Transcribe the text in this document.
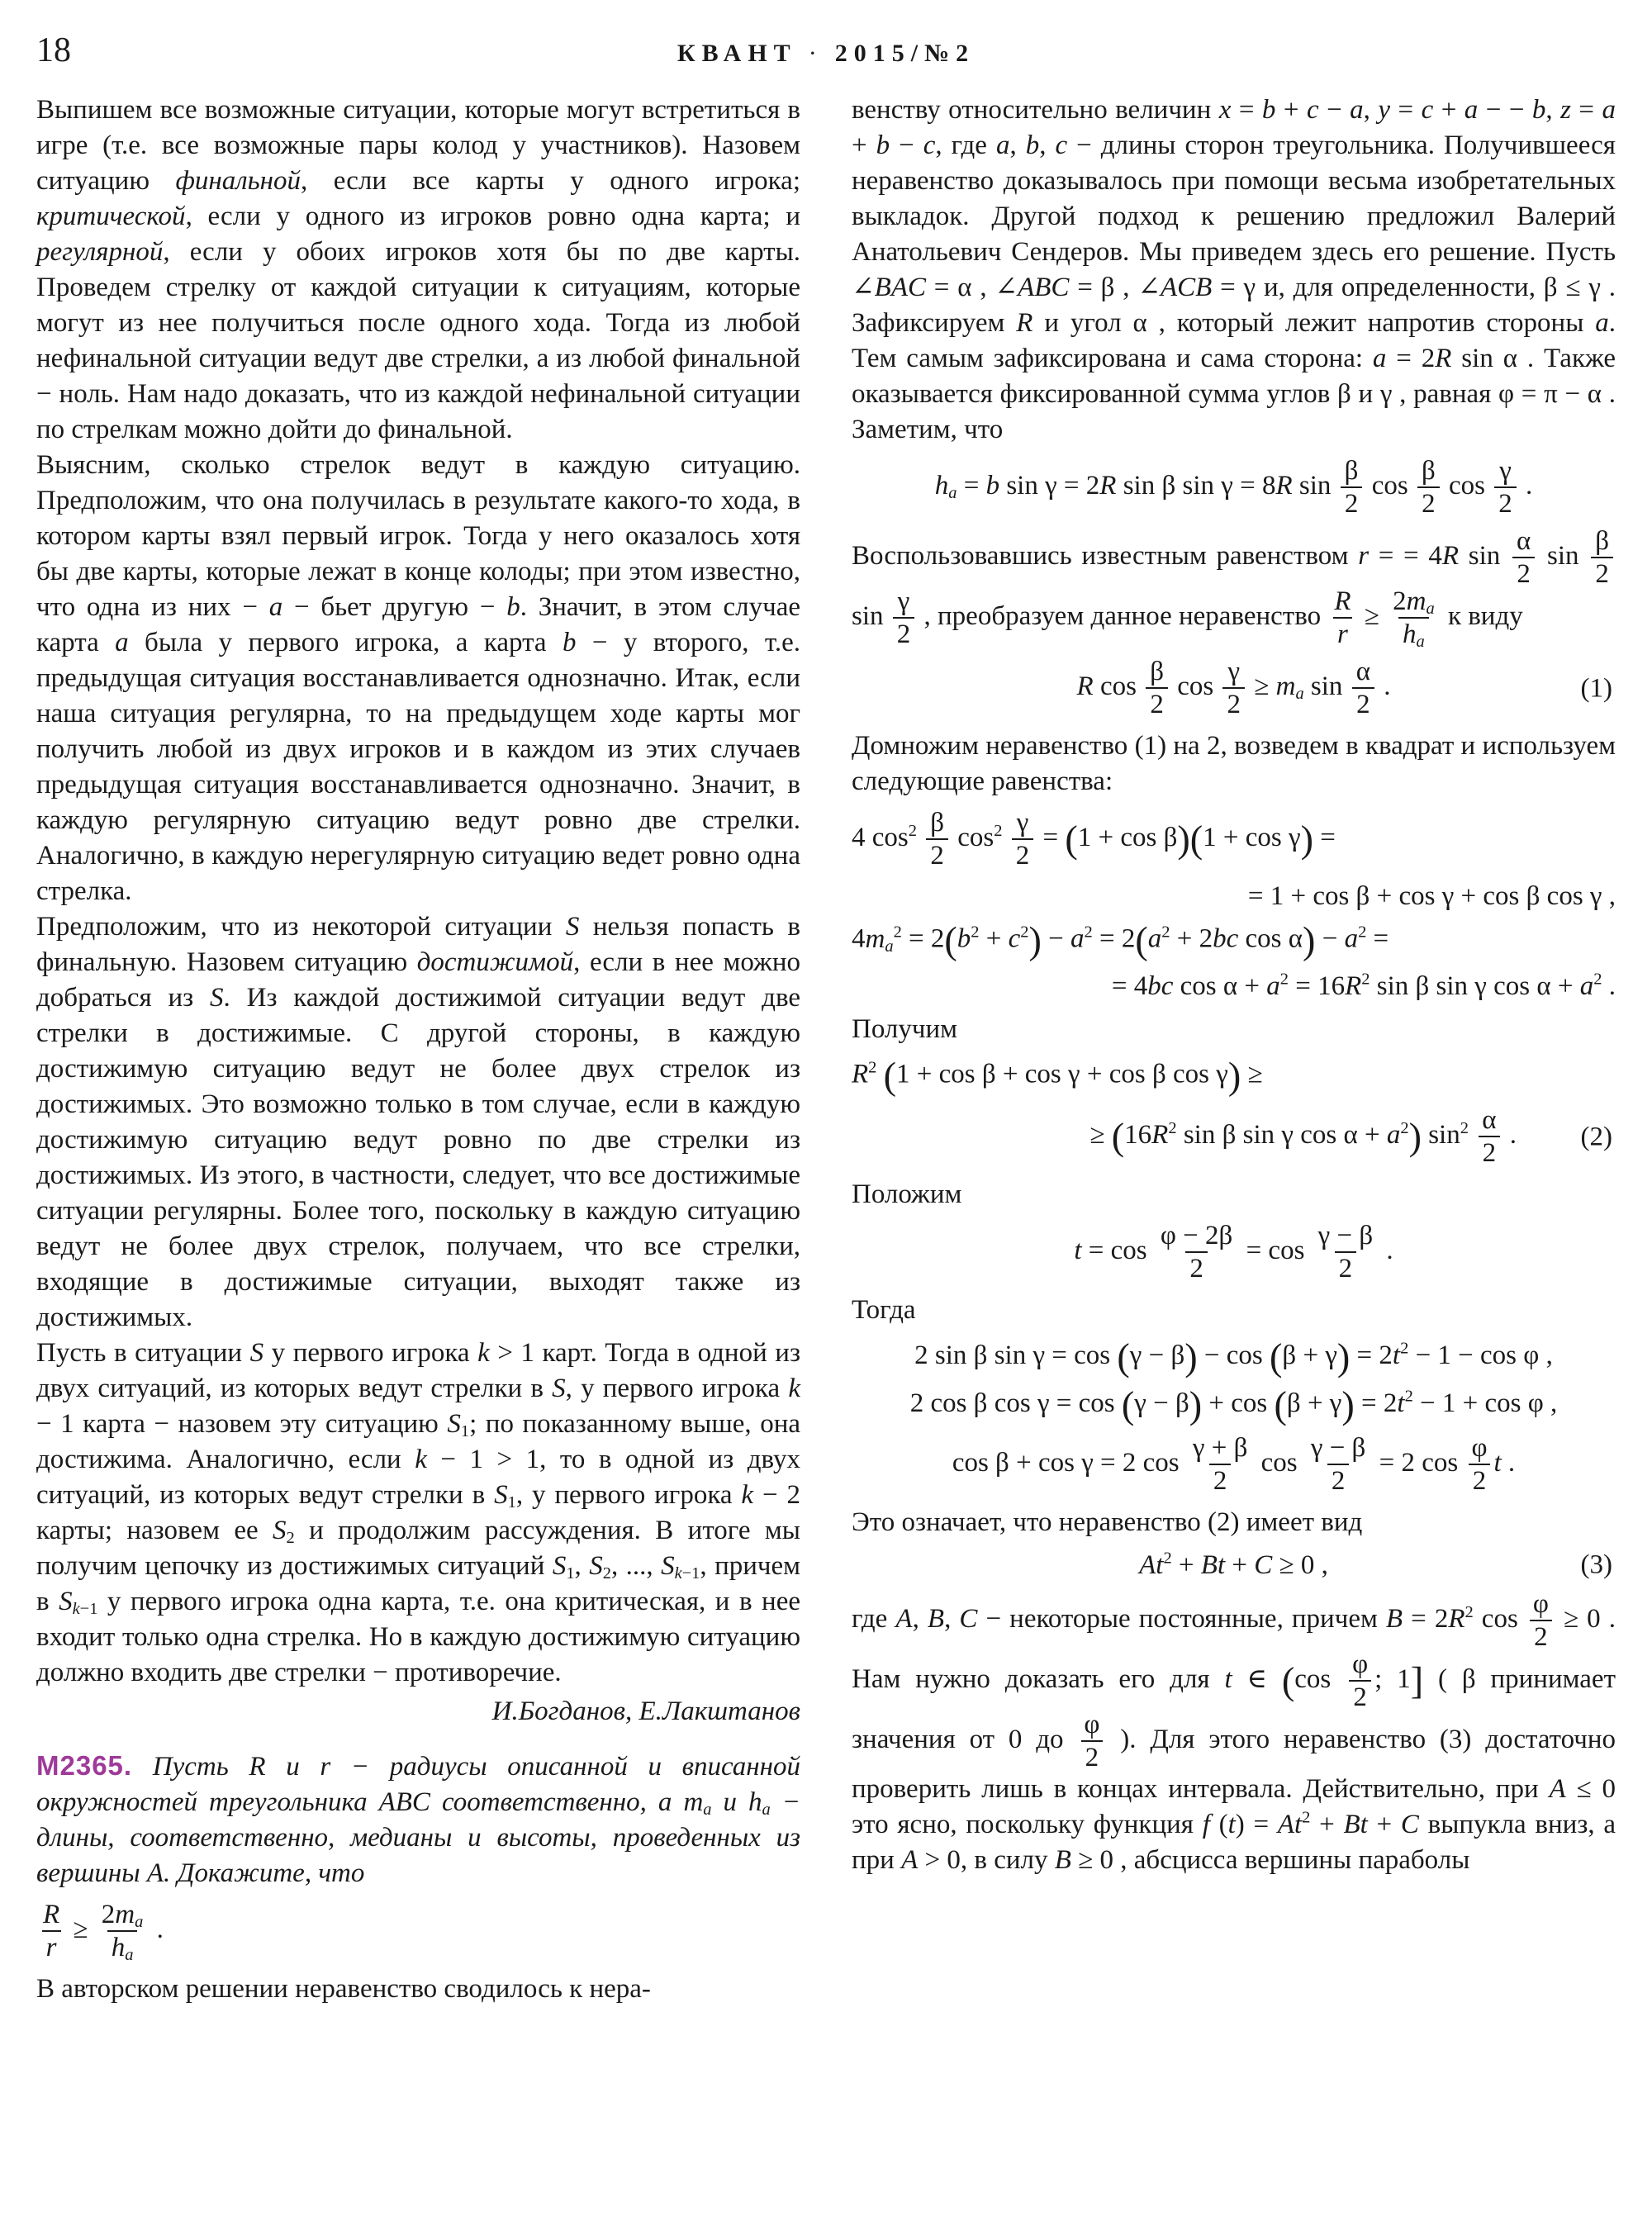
18	КВАНТ · 2015/№2

Выпишем все возможные ситуации, которые могут встретиться в игре (т.е. все возможные пары колод у участников). Назовем ситуацию финальной, если все карты у одного игрока; критической, если у одного из игроков ровно одна карта; и регулярной, если у обоих игроков хотя бы по две карты. Проведем стрелку от каждой ситуации к ситуациям, которые могут из нее получиться после одного хода. Тогда из любой нефинальной ситуации ведут две стрелки, а из любой финальной − ноль. Нам надо доказать, что из каждой нефинальной ситуации по стрелкам можно дойти до финальной.

Выясним, сколько стрелок ведут в каждую ситуацию. Предположим, что она получилась в результате какого-то хода, в котором карты взял первый игрок. Тогда у него оказалось хотя бы две карты, которые лежат в конце колоды; при этом известно, что одна из них − a − бьет другую − b. Значит, в этом случае карта a была у первого игрока, а карта b − у второго, т.е. предыдущая ситуация восстанавливается однозначно. Итак, если наша ситуация регулярна, то на предыдущем ходе карты мог получить любой из двух игроков и в каждом из этих случаев предыдущая ситуация восстанавливается однозначно. Значит, в каждую регулярную ситуацию ведут ровно две стрелки. Аналогично, в каждую нерегулярную ситуацию ведет ровно одна стрелка.

Предположим, что из некоторой ситуации S нельзя попасть в финальную. Назовем ситуацию достижимой, если в нее можно добраться из S. Из каждой достижимой ситуации ведут две стрелки в достижимые. С другой стороны, в каждую достижимую ситуацию ведут не более двух стрелок из достижимых. Это возможно только в том случае, если в каждую достижимую ситуацию ведут ровно по две стрелки из достижимых. Из этого, в частности, следует, что все достижимые ситуации регулярны. Более того, поскольку в каждую ситуацию ведут не более двух стрелок, получаем, что все стрелки, входящие в достижимые ситуации, выходят также из достижимых.

Пусть в ситуации S у первого игрока k > 1 карт. Тогда в одной из двух ситуаций, из которых ведут стрелки в S, у первого игрока k − 1 карта − назовем эту ситуацию $S_1$; по показанному выше, она достижима. Аналогично, если k − 1 > 1, то в одной из двух ситуаций, из которых ведут стрелки в $S_1$, у первого игрока k − 2 карты; назовем ее $S_2$ и продолжим рассуждения. В итоге мы получим цепочку из достижимых ситуаций $S_1$, $S_2$, ..., $S_{k-1}$, причем в $S_{k-1}$ у первого игрока одна карта, т.е. она критическая, и в нее входит только одна стрелка. Но в каждую достижимую ситуацию должно входить две стрелки − противоречие.

И.Богданов, Е.Лакштанов

М2365. Пусть R и r − радиусы описанной и вписанной окружностей треугольника ABC соответственно, а $m_a$ и $h_a$ − длины, соответственно, медианы и высоты, проведенных из вершины A. Докажите, что

$\frac{R}{r} \ge \frac{2m_a}{h_a}$ .

В авторском решении неравенство сводилось к нера-

венству относительно величин x = b + c − a, y = c + a − − b, z = a + b − c, где a, b, c − длины сторон треугольника. Получившееся неравенство доказывалось при помощи весьма изобретательных выкладок. Другой подход к решению предложил Валерий Анатольевич Сендеров. Мы приведем здесь его решение. Пусть ∠BAC = α , ∠ABC = β , ∠ACB = γ и, для определенности, β ≤ γ . Зафиксируем R и угол α , который лежит напротив стороны a. Тем самым зафиксирована и сама сторона: a = 2R sin α . Также оказывается фиксированной сумма углов β и γ , равная φ = π − α . Заметим, что

$h_a = b$ sin γ = 2R sin β sin γ = 8R $\sin \frac{\beta}{2}$ $\cos \frac{\beta}{2}$ $\cos \frac{\gamma}{2}$ .

Воспользовавшись известным равенством r = = 4R $\sin \frac{\alpha}{2}$ $\sin \frac{\beta}{2}$
$\sin \frac{\gamma}{2}$ , преобразуем данное неравенство $\frac{R}{r} \ge \frac{2m_a}{h_a}$ к виду

R $\cos \frac{\beta}{2}$ $\cos \frac{\gamma}{2} \ge m_a$ $\sin \frac{\alpha}{2}$ .	(1)

Домножим неравенство (1) на 2, возведем в квадрат и используем следующие равенства:

4 $\cos^2 \frac{\beta}{2} \cos^2 \frac{\gamma}{2} = (1 + \cos \beta)(1 + \cos \gamma)$ =
= 1 + cos β + cos γ + cos β cos γ ,
$4m_a^2 = 2(b^2 + c^2) - a^2 = 2(a^2 + 2bc$ $\cos \alpha) - a^2$ =
= 4bc $\cos \alpha + a^2 = 16R^2$ sin β sin γ $\cos \alpha + a^2$ .

Получим

$R^2$ (1 + cos β + cos γ + cos β cos γ) ≥
≥ ($16R^2$ sin β sin γ $\cos \alpha + a^2$) $\sin^2 \frac{\alpha}{2}$ . (2)

Положим

$t = \cos \frac{\varphi - 2\beta}{2} = \cos \frac{\gamma - \beta}{2}$ .

Тогда

2 sin β $\sin \gamma = \cos (\gamma - \beta) - \cos (\beta + \gamma) = 2t^2 - 1 - \cos \varphi$ ,
2 cos β $\cos \gamma = \cos (\gamma - \beta) + \cos (\beta + \gamma) = 2t^2 - 1 + \cos \varphi$ ,
cos β + cos γ = 2 $\cos \frac{\gamma + \beta}{2}$ $\cos \frac{\gamma - \beta}{2} = 2$ $\cos \frac{\varphi}{2}$ t .

Это означает, что неравенство (2) имеет вид

$At^2 + Bt + C \ge 0$ ,	(3)

где A, B, C − некоторые постоянные, причем $B = 2R^2$ $\cos \frac{\varphi}{2} \ge 0$ . Нам нужно доказать его для t ∈ ($\cos \frac{\varphi}{2}$ ; 1] ( β принимает значения от 0 до $\frac{\varphi}{2}$ ). Для этого неравенство (3) достаточно проверить лишь в концах интервала. Действительно, при A ≤ 0 это ясно, поскольку функция f $(t) = At^2 + Bt + C$ выпукла вниз, а при A > 0, в силу B ≥ 0 , абсцисса вершины параболы
